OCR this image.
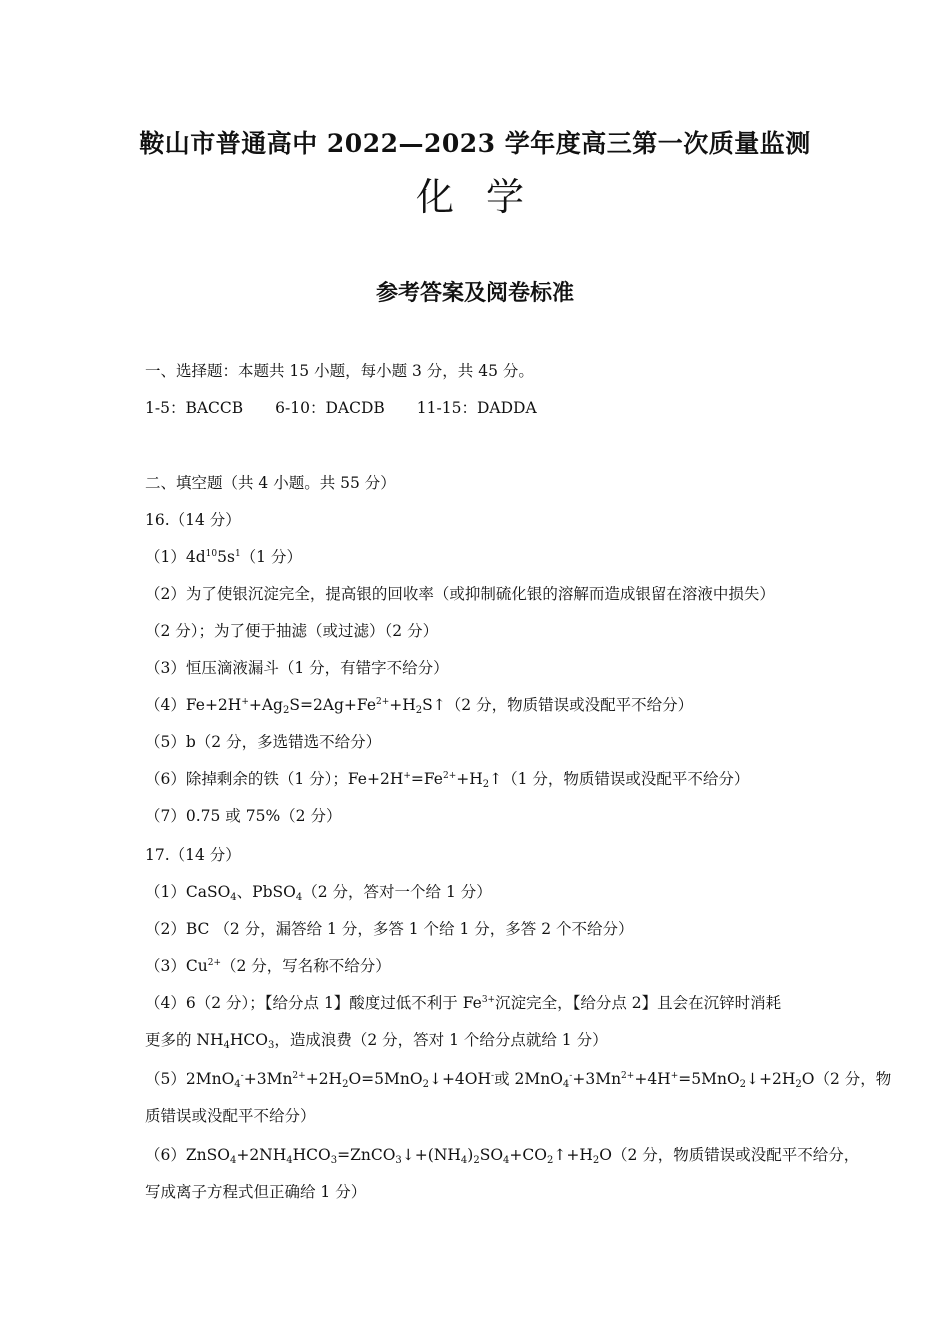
鞍山市普通高中 2022—2023 学年度高三第一次质量监测
化 学
参考答案及阅卷标准
一、选择题：本题共 15 小题，每小题 3 分，共 45 分。
1-5：BACCB 6-10：DACDB 11-15：DADDA
二、填空题（共 4 小题。共 55 分）
16.（14 分）
$(1)4d^{10}5s^1(1$ 分）
（2）为了使银沉淀完全，提高银的回收率（或抑制硫化银的溶解而造成银留在溶液中损失）
（2 分）；为了便于抽滤（或过滤）（2 分）
（3）恒压滴液漏斗（1 分，有错字不给分）
$(4)Fe+2H^++Ag_2S=2Ag+Fe^{2+}+H_2S↑(2$ 分，物质错误或没配平不给分）
（5）b（2 分，多选错选不给分）
（6）除掉剩余的铁（1 分）；$Fe+2H^+=Fe^{2+}+H_2↑(1$ 分，物质错误或没配平不给分）
（7）0.75 或 75%（2 分）
17.（14 分）
（1）CaSO$_4$、PbSO$_4$（2 分，答对一个给 1 分）
（2）BC （2 分，漏答给 1 分，多答 1 个给 1 分，多答 2 个不给分）
$(3)Cu^{2+}(2$ 分，写名称不给分）
（4）6（2 分）；【给分点 1】酸度过低不利于 $Fe^{3+}$沉淀完全，【给分点 2】且会在沉锌时消耗
更多的 $NH_4HCO_3$，造成浪费（2 分，答对 1 个给分点就给 1 分）
$(5)2MnO_4^-+3Mn^{2+}+2H_2O=5MnO_2↓+4OH^-$或 $2MnO_4^-+3Mn^{2+}+4H^+=5MnO_2↓+2H_2O(2$ 分，物
质错误或没配平不给分）
$(6)ZnSO_4+2NH_4HCO_3=ZnCO_3↓+(NH_4)_2SO_4+CO_2↑+H_2O(2$ 分，物质错误或没配平不给分，
写成离子方程式但正确给 1 分）
